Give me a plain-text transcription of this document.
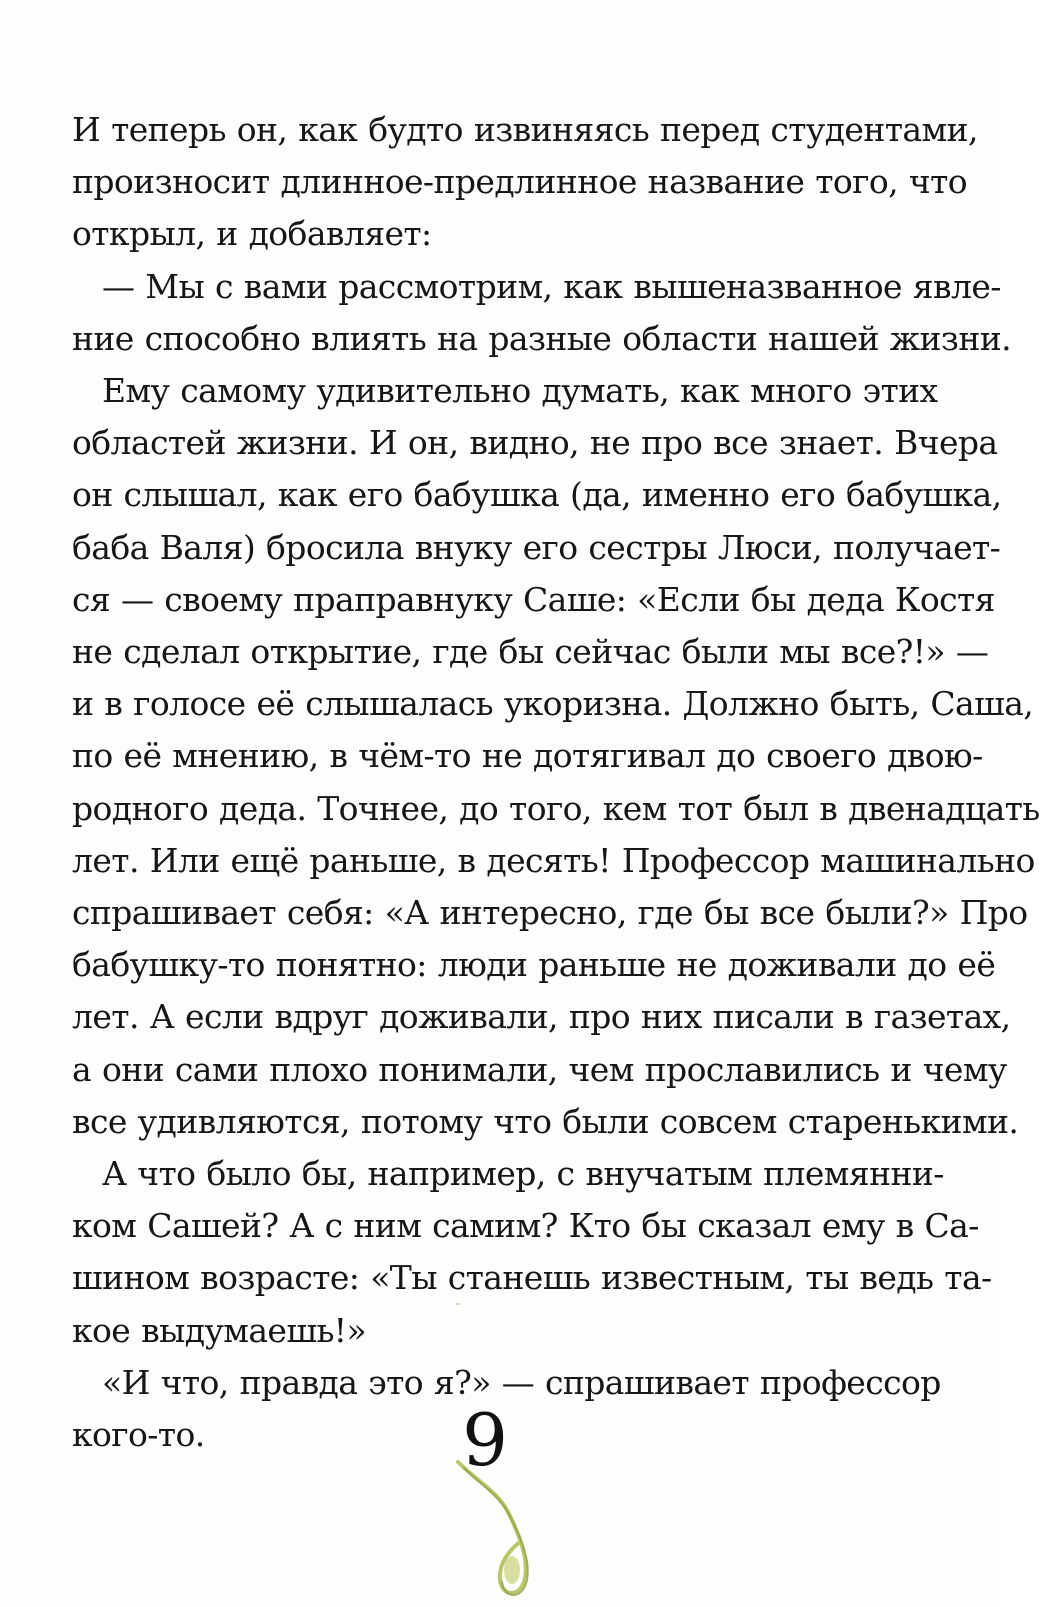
И теперь он, как будто извиняясь перед студентами,
произносит длинное-предлинное название того, что
открыл, и добавляет:
— Мы с вами рассмотрим, как вышеназванное явле-
ние способно влиять на разные области нашей жизни.
Ему самому удивительно думать, как много этих
областей жизни. И он, видно, не про все знает. Вчера
он слышал, как его бабушка (да, именно его бабушка,
баба Валя) бросила внуку его сестры Люси, получает-
ся — своему праправнуку Саше: «Если бы деда Костя
не сделал открытие, где бы сейчас были мы все?!» —
и в голосе её слышалась укоризна. Должно быть, Саша,
по её мнению, в чём-то не дотягивал до своего двою-
родного деда. Точнее, до того, кем тот был в двенадцать
лет. Или ещё раньше, в десять! Профессор машинально
спрашивает себя: «А интересно, где бы все были?» Про
бабушку-то понятно: люди раньше не доживали до её
лет. А если вдруг доживали, про них писали в газетах,
а они сами плохо понимали, чем прославились и чему
все удивляются, потому что были совсем старенькими.
А что было бы, например, с внучатым племянни-
ком Сашей? А с ним самим? Кто бы сказал ему в Са-
шином возрасте: «Ты станешь известным, ты ведь та-
кое выдумаешь!»
«И что, правда это я?» — спрашивает профессор
кого-то.	9
